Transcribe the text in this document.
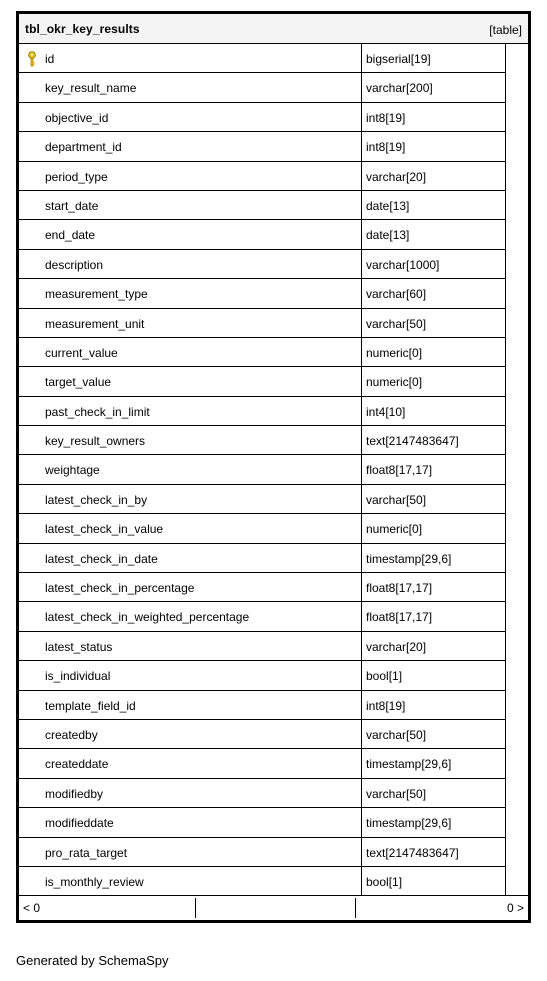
tbl_okr_key_results	[table]
id	bigserial[19]
key_result_name	varchar[200]
objective_id	int8[19]
department_id	int8[19]
period_type	varchar[20]
start_date	date[13]
end_date	date[13]
description	varchar[1000]
measurement_type	varchar[60]
measurement_unit	varchar[50]
current_value	numeric[0]
target_value	numeric[0]
past_check_in_limit	int4[10]
key_result_owners	text[2147483647]
weightage	float8[17,17]
latest_check_in_by	varchar[50]
latest_check_in_value	numeric[0]
latest_check_in_date	timestamp[29,6]
latest_check_in_percentage	float8[17,17]
latest_check_in_weighted_percentage	float8[17,17]
latest_status	varchar[20]
is_individual	bool[1]
template_field_id	int8[19]
createdby	varchar[50]
createddate	timestamp[29,6]
modifiedby	varchar[50]
modifieddate	timestamp[29,6]
pro_rata_target	text[2147483647]
is_monthly_review	bool[1]
< 0	0 >
Generated by SchemaSpy
